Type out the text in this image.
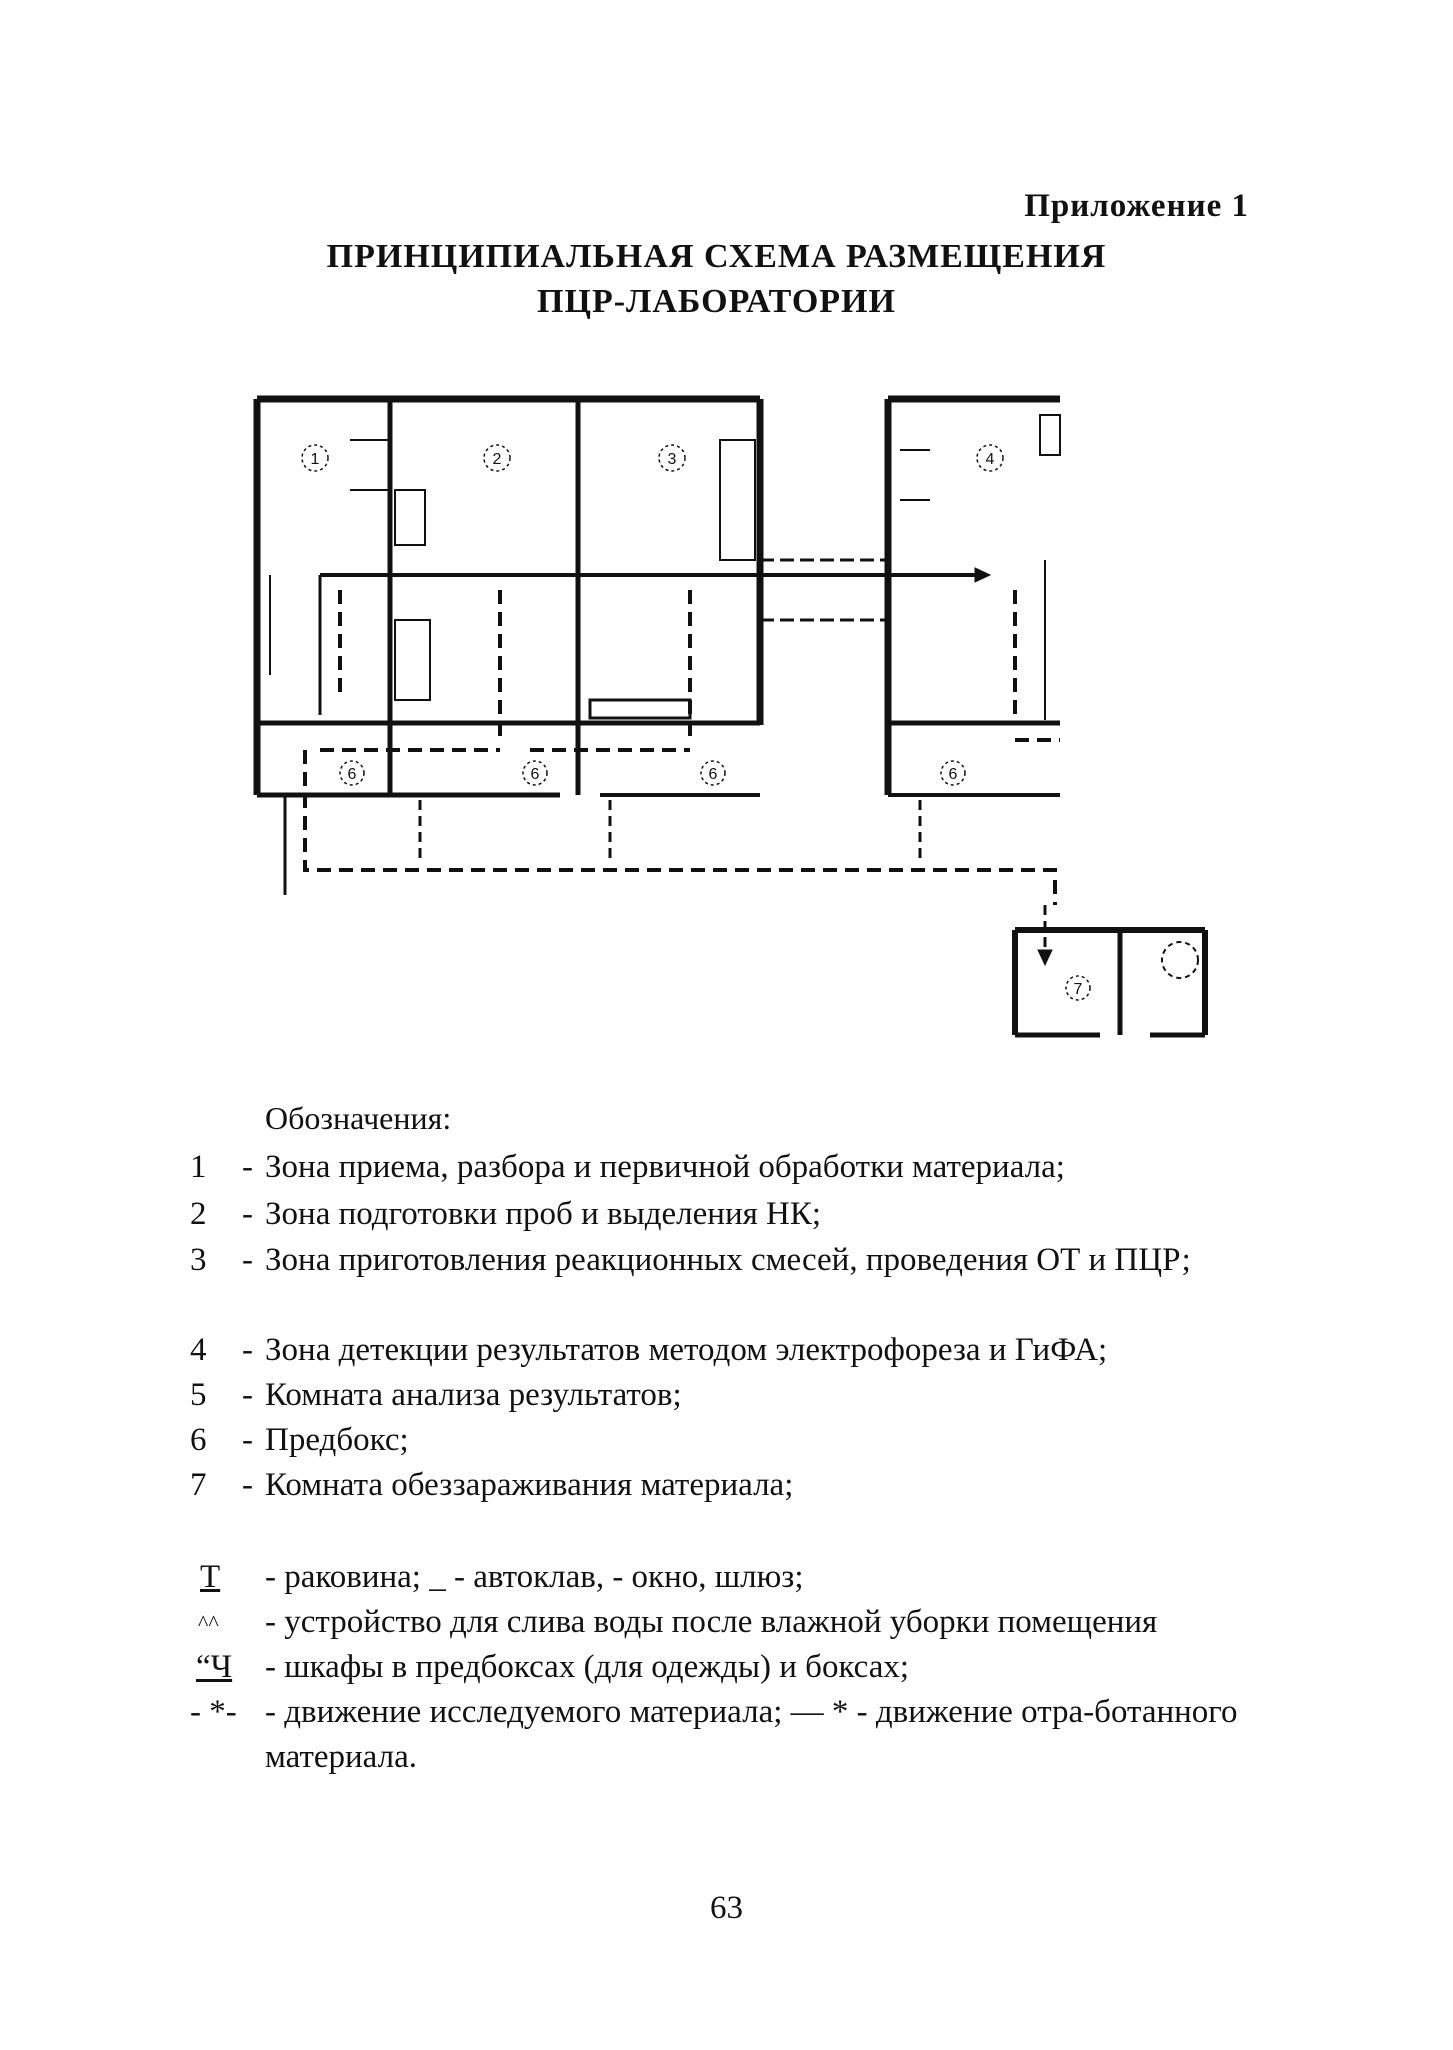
Приложение 1
ПРИНЦИПИАЛЬНАЯ СХЕМА РАЗМЕЩЕНИЯ
ПЦР-ЛАБОРАТОРИИ
1	2	3	4
6	6	6	6
7
Обозначения:
1	- Зона приема, разбора и первичной обработки материала;
2	- Зона подготовки проб и выделения НК;
3	- Зона приготовления реакционных смесей, проведения ОТ и ПЦР;
4	- Зона детекции результатов методом электрофореза и ГиФА;
5	- Комната анализа результатов;
6	- Предбокс;
7	- Комната обеззараживания материала;
Т	- раковина; _ - автоклав, - окно, шлюз;
^^	- устройство для слива воды после влажной уборки помещения
“Ч - шкафы в предбоксах (для одежды) и боксах;
- *- - движение исследуемого материала; — * - движение отра-ботанного материала.
63
